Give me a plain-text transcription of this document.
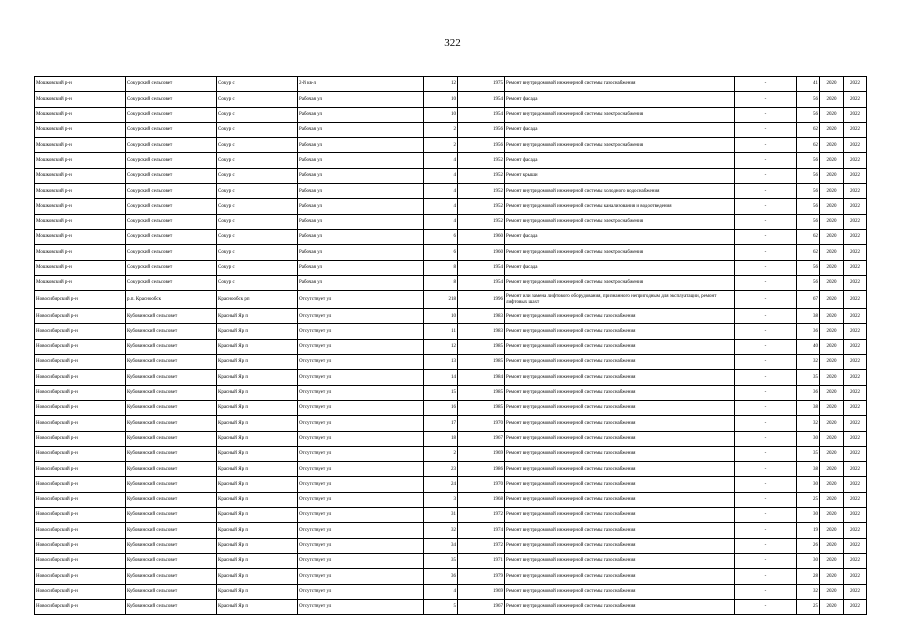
322
Мошковский р-н	Сокурский сельсовет	Сокур с	2-й кв-л	12	1975	Ремонт внутридомовой инженерной системы газоснабжения	-	41	2020	2022
Мошковский р-н	Сокурский сельсовет	Сокур с	Рабочая ул	10	1954	Ремонт фасада	-	56	2020	2022
Мошковский р-н	Сокурский сельсовет	Сокур с	Рабочая ул	10	1954	Ремонт внутридомовой инженерной системы электроснабжения	-	56	2020	2022
Мошковский р-н	Сокурский сельсовет	Сокур с	Рабочая ул	2	1956	Ремонт фасада	-	62	2020	2022
Мошковский р-н	Сокурский сельсовет	Сокур с	Рабочая ул	2	1956	Ремонт внутридомовой инженерной системы электроснабжения	-	62	2020	2022
Мошковский р-н	Сокурский сельсовет	Сокур с	Рабочая ул	4	1952	Ремонт фасада	-	56	2020	2022
Мошковский р-н	Сокурский сельсовет	Сокур с	Рабочая ул	4	1952	Ремонт крыши	-	56	2020	2022
Мошковский р-н	Сокурский сельсовет	Сокур с	Рабочая ул	4	1952	Ремонт внутридомовой инженерной системы холодного водоснабжения	-	56	2020	2022
Мошковский р-н	Сокурский сельсовет	Сокур с	Рабочая ул	4	1952	Ремонт внутридомовой инженерной системы канализования и водоотведения	-	56	2020	2022
Мошковский р-н	Сокурский сельсовет	Сокур с	Рабочая ул	4	1952	Ремонт внутридомовой инженерной системы электроснабжения	-	56	2020	2022
Мошковский р-н	Сокурский сельсовет	Сокур с	Рабочая ул	6	1960	Ремонт фасада	-	62	2020	2022
Мошковский р-н	Сокурский сельсовет	Сокур с	Рабочая ул	6	1960	Ремонт внутридомовой инженерной системы электроснабжения	-	62	2020	2022
Мошковский р-н	Сокурский сельсовет	Сокур с	Рабочая ул	8	1954	Ремонт фасада	-	56	2020	2022
Мошковский р-н	Сокурский сельсовет	Сокур с	Рабочая ул	8	1954	Ремонт внутридомовой инженерной системы электроснабжения	-	56	2020	2022
Новосибирский р-н	р.п. Краснообск	Краснообск рп	Отсутствует ул	218	1996	Ремонт или замена лифтового оборудования, признанного непригодным для эксплуатации, ремонт лифтовых шахт	-	67	2020	2022
Новосибирский р-н	Кубовинский сельсовет	Красный Яр п	Отсутствует ул	10	1983	Ремонт внутридомовой инженерной системы газоснабжения	-	38	2020	2022
Новосибирский р-н	Кубовинский сельсовет	Красный Яр п	Отсутствует ул	11	1983	Ремонт внутридомовой инженерной системы газоснабжения	-	36	2020	2022
Новосибирский р-н	Кубовинский сельсовет	Красный Яр п	Отсутствует ул	12	1985	Ремонт внутридомовой инженерной системы газоснабжения	-	40	2020	2022
Новосибирский р-н	Кубовинский сельсовет	Красный Яр п	Отсутствует ул	13	1985	Ремонт внутридомовой инженерной системы газоснабжения	-	32	2020	2022
Новосибирский р-н	Кубовинский сельсовет	Красный Яр п	Отсутствует ул	14	1984	Ремонт внутридомовой инженерной системы газоснабжения	-	35	2020	2022
Новосибирский р-н	Кубовинский сельсовет	Красный Яр п	Отсутствует ул	15	1985	Ремонт внутридомовой инженерной системы газоснабжения	-	36	2020	2022
Новосибирский р-н	Кубовинский сельсовет	Красный Яр п	Отсутствует ул	16	1985	Ремонт внутридомовой инженерной системы газоснабжения	-	38	2020	2022
Новосибирский р-н	Кубовинский сельсовет	Красный Яр п	Отсутствует ул	17	1970	Ремонт внутридомовой инженерной системы газоснабжения	-	32	2020	2022
Новосибирский р-н	Кубовинский сельсовет	Красный Яр п	Отсутствует ул	18	1967	Ремонт внутридомовой инженерной системы газоснабжения	-	30	2020	2022
Новосибирский р-н	Кубовинский сельсовет	Красный Яр п	Отсутствует ул	2	1969	Ремонт внутридомовой инженерной системы газоснабжения	-	35	2020	2022
Новосибирский р-н	Кубовинский сельсовет	Красный Яр п	Отсутствует ул	23	1986	Ремонт внутридомовой инженерной системы газоснабжения	-	38	2020	2022
Новосибирский р-н	Кубовинский сельсовет	Красный Яр п	Отсутствует ул	24	1970	Ремонт внутридомовой инженерной системы газоснабжения	-	30	2020	2022
Новосибирский р-н	Кубовинский сельсовет	Красный Яр п	Отсутствует ул	3	1968	Ремонт внутридомовой инженерной системы газоснабжения	-	25	2020	2022
Новосибирский р-н	Кубовинский сельсовет	Красный Яр п	Отсутствует ул	31	1972	Ремонт внутридомовой инженерной системы газоснабжения	-	30	2020	2022
Новосибирский р-н	Кубовинский сельсовет	Красный Яр п	Отсутствует ул	32	1974	Ремонт внутридомовой инженерной системы газоснабжения	-	19	2020	2022
Новосибирский р-н	Кубовинский сельсовет	Красный Яр п	Отсутствует ул	34	1972	Ремонт внутридомовой инженерной системы газоснабжения	-	26	2020	2022
Новосибирский р-н	Кубовинский сельсовет	Красный Яр п	Отсутствует ул	35	1971	Ремонт внутридомовой инженерной системы газоснабжения	-	30	2020	2022
Новосибирский р-н	Кубовинский сельсовет	Красный Яр п	Отсутствует ул	36	1979	Ремонт внутридомовой инженерной системы газоснабжения	-	28	2020	2022
Новосибирский р-н	Кубовинский сельсовет	Красный Яр п	Отсутствует ул	4	1969	Ремонт внутридомовой инженерной системы газоснабжения	-	32	2020	2022
Новосибирский р-н	Кубовинский сельсовет	Красный Яр п	Отсутствует ул	5	1967	Ремонт внутридомовой инженерной системы газоснабжения	-	25	2020	2022
